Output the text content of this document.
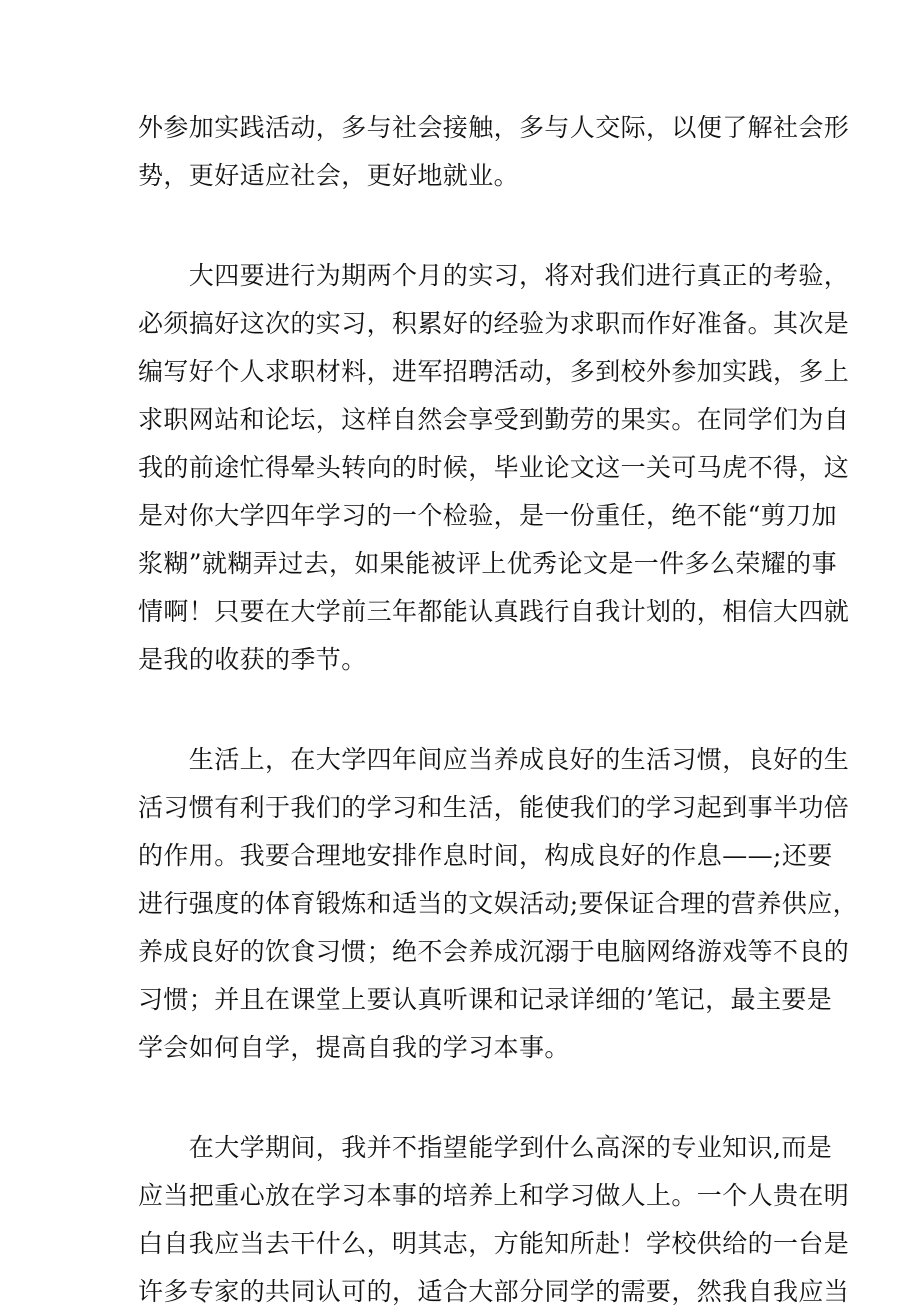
外参加实践活动，多与社会接触，多与人交际，以便了解社会形
势，更好适应社会，更好地就业。
　　大四要进行为期两个月的实习，将对我们进行真正的考验，
必须搞好这次的实习，积累好的经验为求职而作好准备。其次是
编写好个人求职材料，进军招聘活动，多到校外参加实践，多上
求职网站和论坛，这样自然会享受到勤劳的果实。在同学们为自
我的前途忙得晕头转向的时候，毕业论文这一关可马虎不得，这
是对你大学四年学习的一个检验，是一份重任，绝不能“剪刀加
浆糊”就糊弄过去，如果能被评上优秀论文是一件多么荣耀的事
情啊！只要在大学前三年都能认真践行自我计划的，相信大四就
是我的收获的季节。
　　生活上，在大学四年间应当养成良好的生活习惯，良好的生
活习惯有利于我们的学习和生活，能使我们的学习起到事半功倍
的作用。我要合理地安排作息时间，构成良好的作息——;还要
进行强度的体育锻炼和适当的文娱活动;要保证合理的营养供应，
养成良好的饮食习惯；绝不会养成沉溺于电脑网络游戏等不良的
习惯；并且在课堂上要认真听课和记录详细的’笔记，最主要是
学会如何自学，提高自我的学习本事。
　　在大学期间，我并不指望能学到什么高深的专业知识,而是
应当把重心放在学习本事的培养上和学习做人上。一个人贵在明
白自我应当去干什么，明其志，方能知所赴！学校供给的一台是
许多专家的共同认可的，适合大部分同学的需要，然我自我应当
